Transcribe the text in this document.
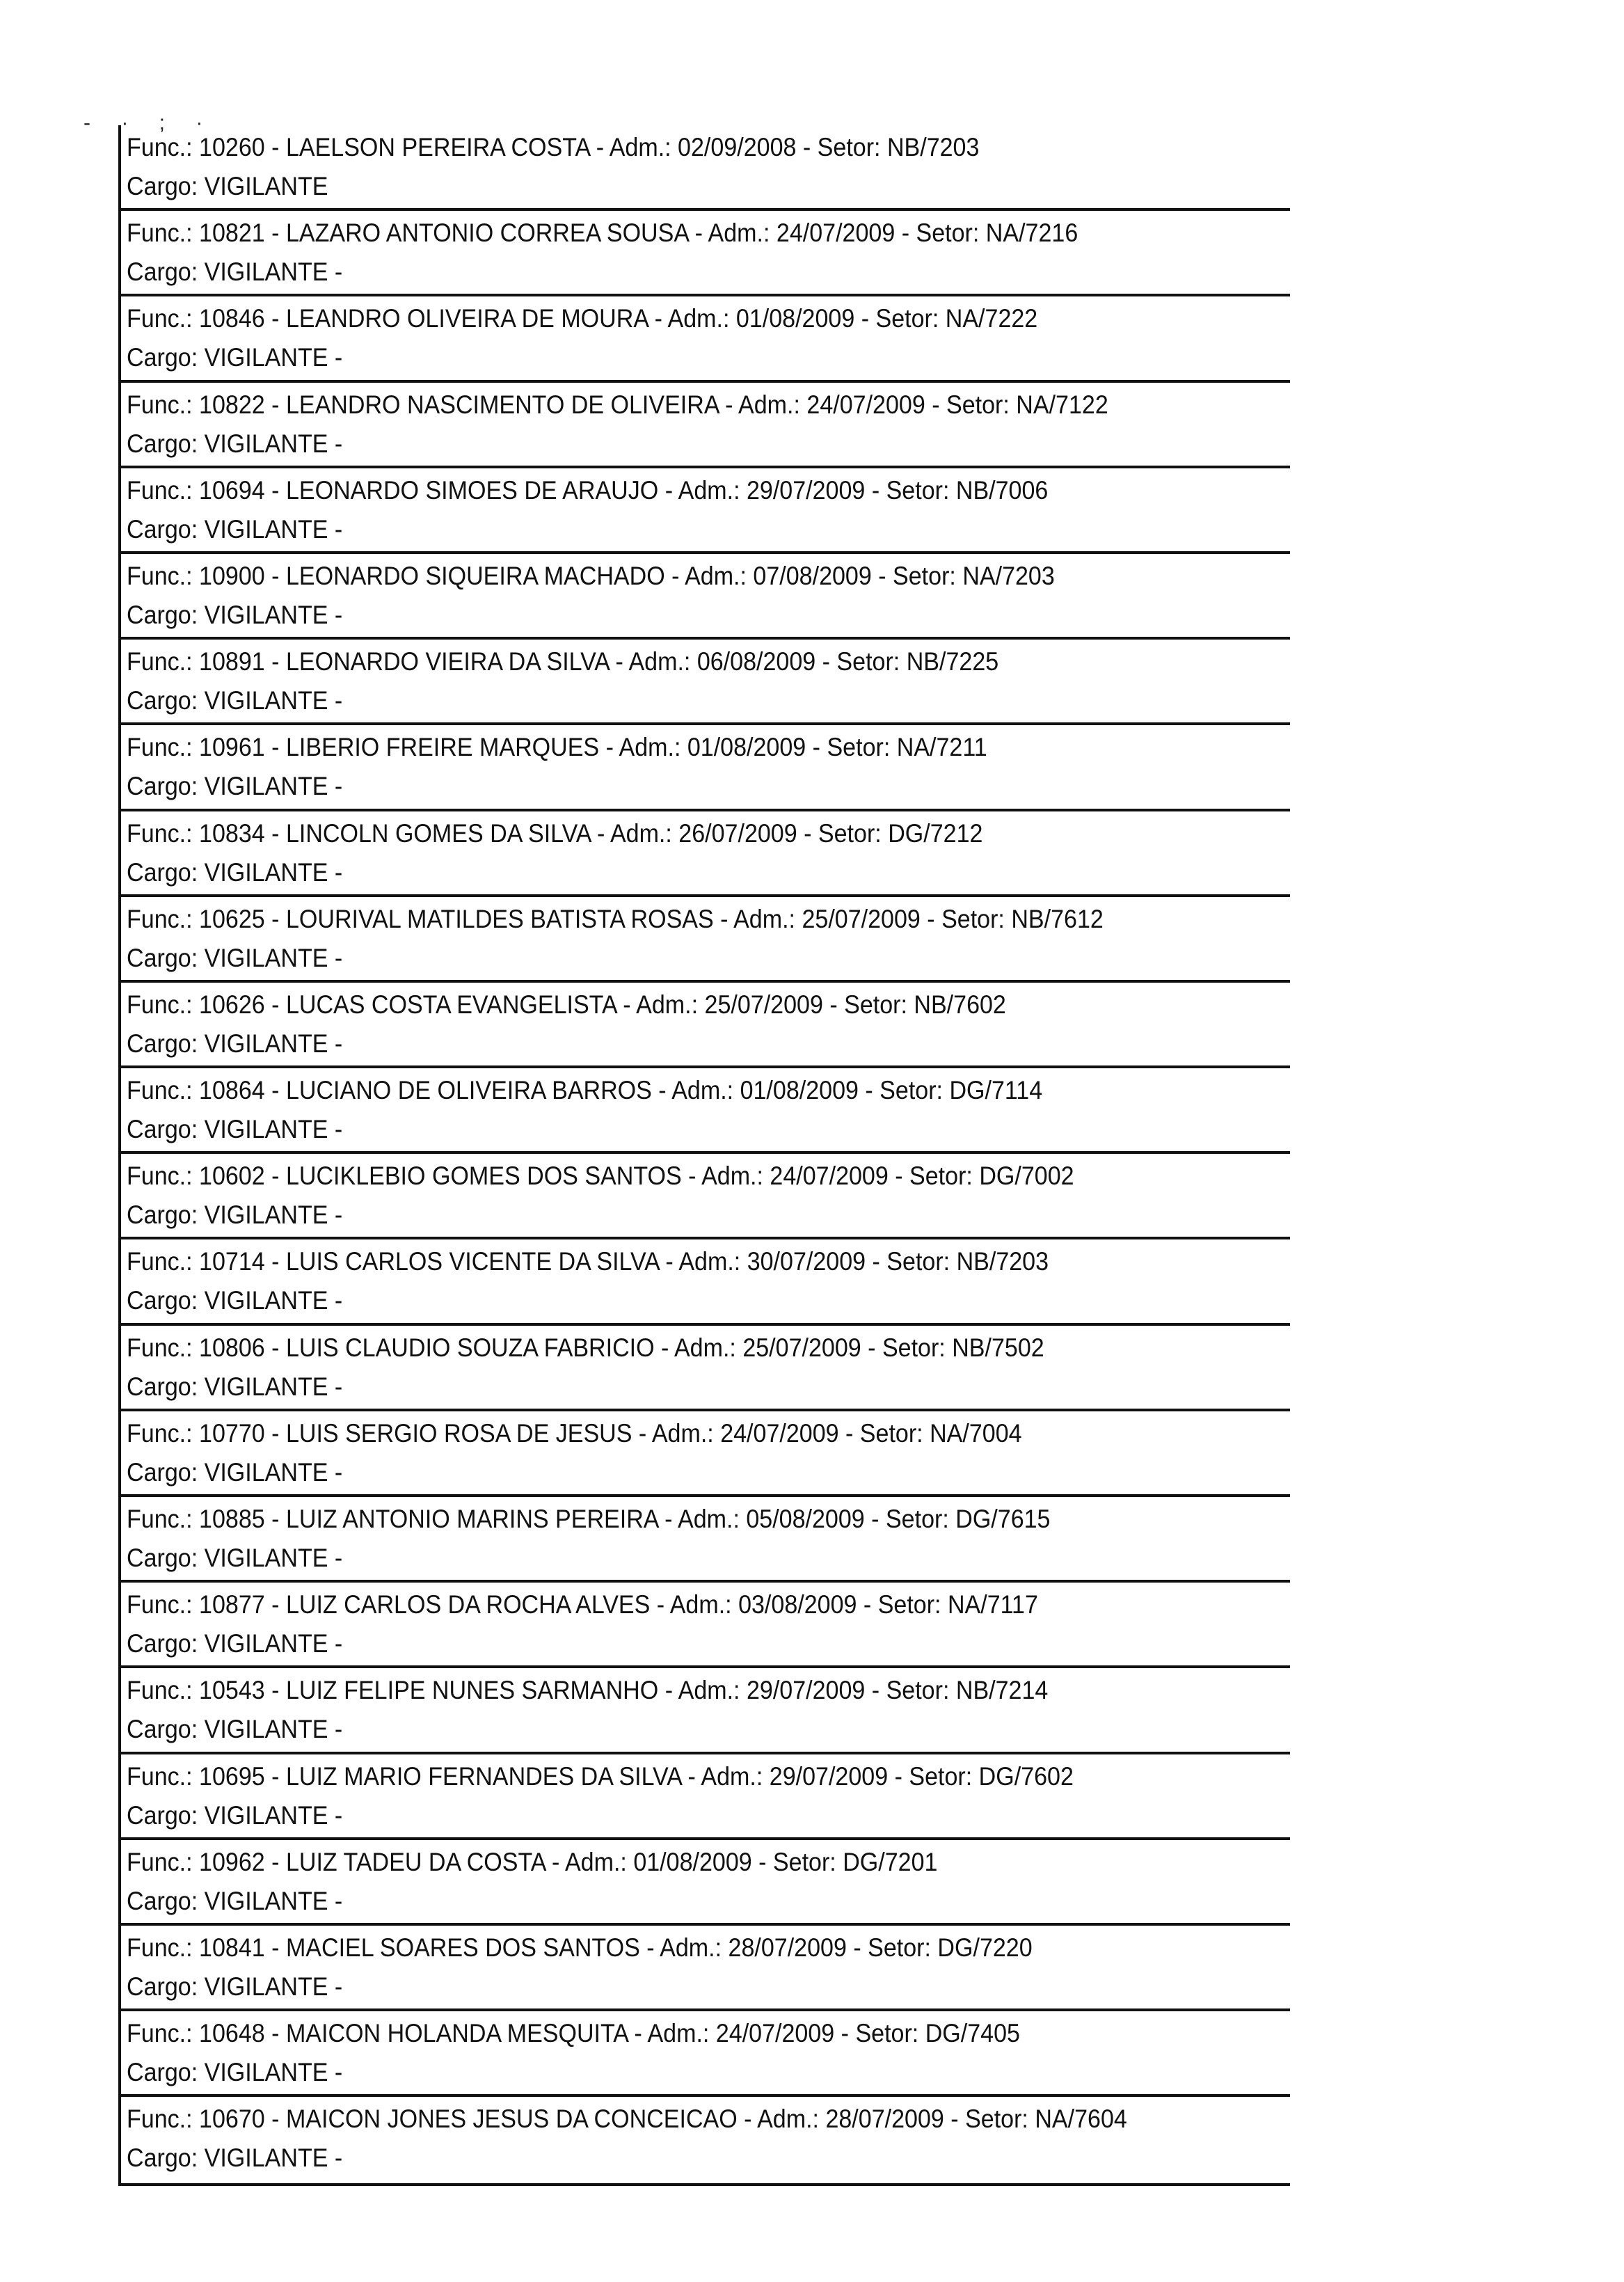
- · ; ·
Func.: 10260 - LAELSON PEREIRA COSTA - Adm.: 02/09/2008 - Setor: NB/7203
Cargo: VIGILANTE
Func.: 10821 - LAZARO ANTONIO CORREA SOUSA - Adm.: 24/07/2009 - Setor: NA/7216
Cargo: VIGILANTE -
Func.: 10846 - LEANDRO OLIVEIRA DE MOURA - Adm.: 01/08/2009 - Setor: NA/7222
Cargo: VIGILANTE -
Func.: 10822 - LEANDRO NASCIMENTO DE OLIVEIRA - Adm.: 24/07/2009 - Setor: NA/7122
Cargo: VIGILANTE -
Func.: 10694 - LEONARDO SIMOES DE ARAUJO - Adm.: 29/07/2009 - Setor: NB/7006
Cargo: VIGILANTE -
Func.: 10900 - LEONARDO SIQUEIRA MACHADO - Adm.: 07/08/2009 - Setor: NA/7203
Cargo: VIGILANTE -
Func.: 10891 - LEONARDO VIEIRA DA SILVA - Adm.: 06/08/2009 - Setor: NB/7225
Cargo: VIGILANTE -
Func.: 10961 - LIBERIO FREIRE MARQUES - Adm.: 01/08/2009 - Setor: NA/7211
Cargo: VIGILANTE -
Func.: 10834 - LINCOLN GOMES DA SILVA - Adm.: 26/07/2009 - Setor: DG/7212
Cargo: VIGILANTE -
Func.: 10625 - LOURIVAL MATILDES BATISTA ROSAS - Adm.: 25/07/2009 - Setor: NB/7612
Cargo: VIGILANTE -
Func.: 10626 - LUCAS COSTA EVANGELISTA - Adm.: 25/07/2009 - Setor: NB/7602
Cargo: VIGILANTE -
Func.: 10864 - LUCIANO DE OLIVEIRA BARROS - Adm.: 01/08/2009 - Setor: DG/7114
Cargo: VIGILANTE -
Func.: 10602 - LUCIKLEBIO GOMES DOS SANTOS - Adm.: 24/07/2009 - Setor: DG/7002
Cargo: VIGILANTE -
Func.: 10714 - LUIS CARLOS VICENTE DA SILVA - Adm.: 30/07/2009 - Setor: NB/7203
Cargo: VIGILANTE -
Func.: 10806 - LUIS CLAUDIO SOUZA FABRICIO - Adm.: 25/07/2009 - Setor: NB/7502
Cargo: VIGILANTE -
Func.: 10770 - LUIS SERGIO ROSA DE JESUS - Adm.: 24/07/2009 - Setor: NA/7004
Cargo: VIGILANTE -
Func.: 10885 - LUIZ ANTONIO MARINS PEREIRA - Adm.: 05/08/2009 - Setor: DG/7615
Cargo: VIGILANTE -
Func.: 10877 - LUIZ CARLOS DA ROCHA ALVES - Adm.: 03/08/2009 - Setor: NA/7117
Cargo: VIGILANTE -
Func.: 10543 - LUIZ FELIPE NUNES SARMANHO - Adm.: 29/07/2009 - Setor: NB/7214
Cargo: VIGILANTE -
Func.: 10695 - LUIZ MARIO FERNANDES DA SILVA - Adm.: 29/07/2009 - Setor: DG/7602
Cargo: VIGILANTE -
Func.: 10962 - LUIZ TADEU DA COSTA - Adm.: 01/08/2009 - Setor: DG/7201
Cargo: VIGILANTE -
Func.: 10841 - MACIEL SOARES DOS SANTOS - Adm.: 28/07/2009 - Setor: DG/7220
Cargo: VIGILANTE -
Func.: 10648 - MAICON HOLANDA MESQUITA - Adm.: 24/07/2009 - Setor: DG/7405
Cargo: VIGILANTE -
Func.: 10670 - MAICON JONES JESUS DA CONCEICAO - Adm.: 28/07/2009 - Setor: NA/7604
Cargo: VIGILANTE -
